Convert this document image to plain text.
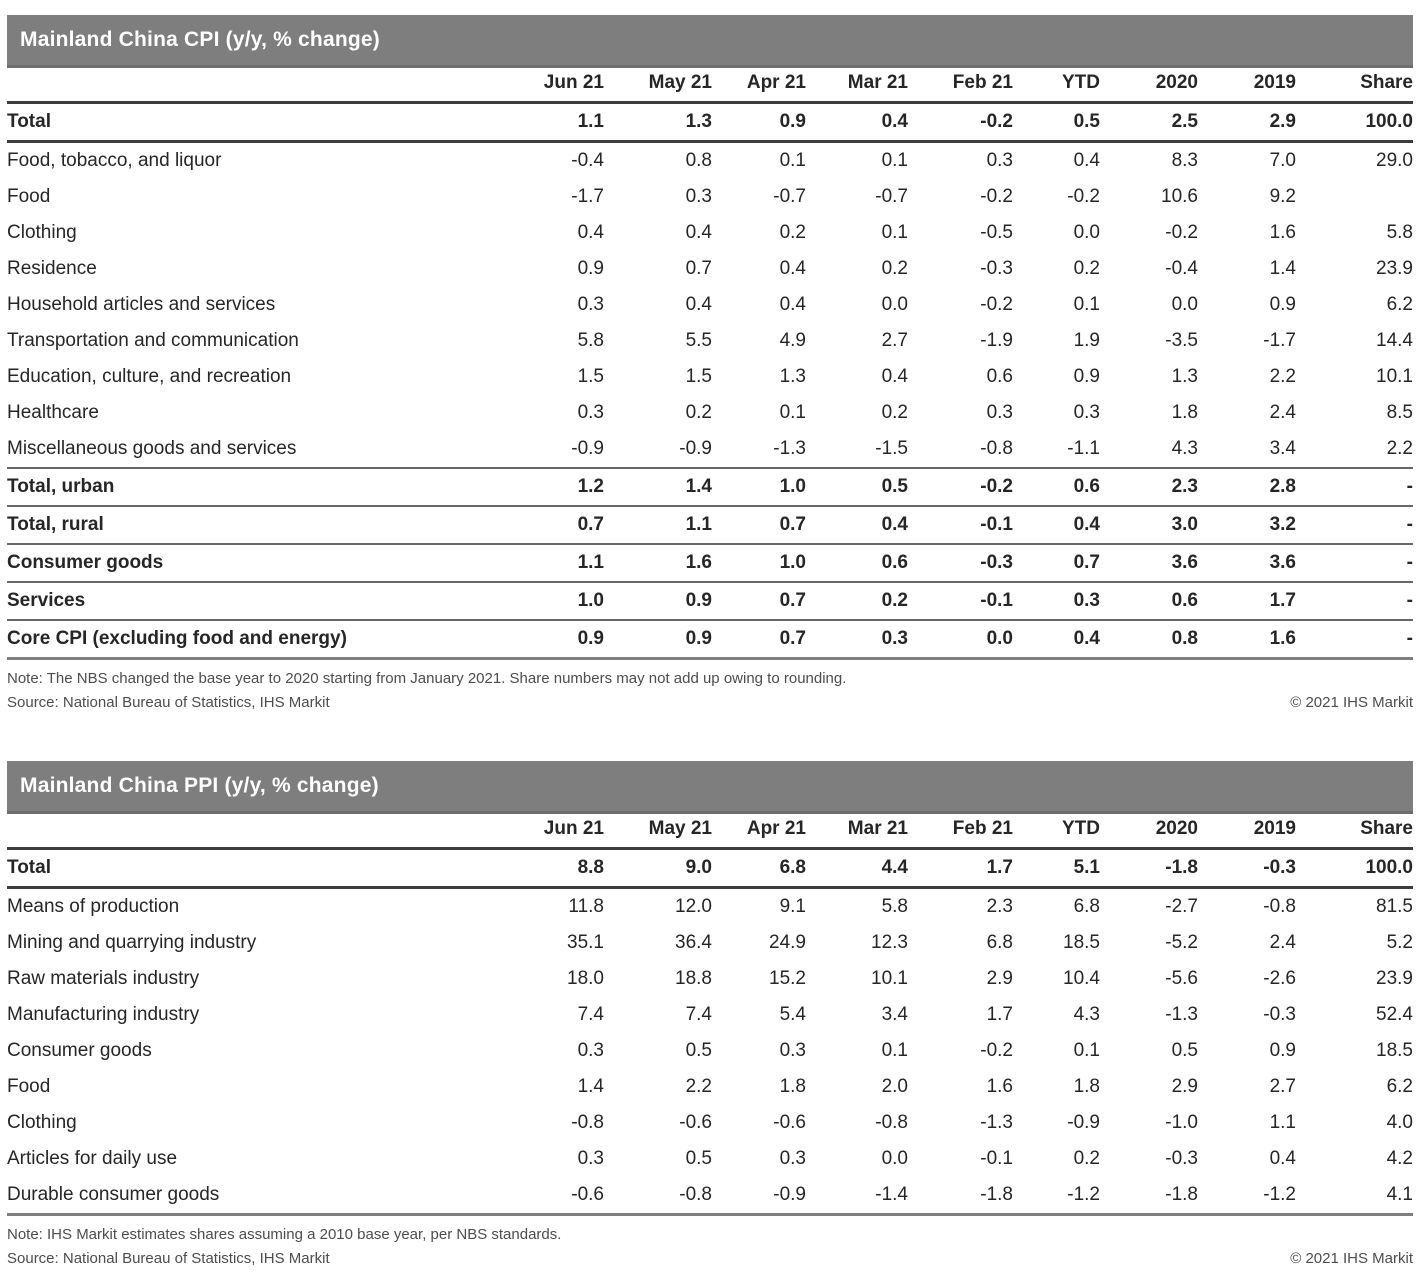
Mainland China CPI (y/y, % change)
	Jun 21	May 21	Apr 21	Mar 21	Feb 21	YTD	2020	2019	Share
Total	1.1	1.3	0.9	0.4	-0.2	0.5	2.5	2.9	100.0
Food, tobacco, and liquor	-0.4	0.8	0.1	0.1	0.3	0.4	8.3	7.0	29.0
Food	-1.7	0.3	-0.7	-0.7	-0.2	-0.2	10.6	9.2	
Clothing	0.4	0.4	0.2	0.1	-0.5	0.0	-0.2	1.6	5.8
Residence	0.9	0.7	0.4	0.2	-0.3	0.2	-0.4	1.4	23.9
Household articles and services	0.3	0.4	0.4	0.0	-0.2	0.1	0.0	0.9	6.2
Transportation and communication	5.8	5.5	4.9	2.7	-1.9	1.9	-3.5	-1.7	14.4
Education, culture, and recreation	1.5	1.5	1.3	0.4	0.6	0.9	1.3	2.2	10.1
Healthcare	0.3	0.2	0.1	0.2	0.3	0.3	1.8	2.4	8.5
Miscellaneous goods and services	-0.9	-0.9	-1.3	-1.5	-0.8	-1.1	4.3	3.4	2.2
Total, urban	1.2	1.4	1.0	0.5	-0.2	0.6	2.3	2.8	-
Total, rural	0.7	1.1	0.7	0.4	-0.1	0.4	3.0	3.2	-
Consumer goods	1.1	1.6	1.0	0.6	-0.3	0.7	3.6	3.6	-
Services	1.0	0.9	0.7	0.2	-0.1	0.3	0.6	1.7	-
Core CPI (excluding food and energy)	0.9	0.9	0.7	0.3	0.0	0.4	0.8	1.6	-
Note: The NBS changed the base year to 2020 starting from January 2021. Share numbers may not add up owing to rounding.
Source: National Bureau of Statistics, IHS Markit	© 2021 IHS Markit
Mainland China PPI (y/y, % change)
	Jun 21	May 21	Apr 21	Mar 21	Feb 21	YTD	2020	2019	Share
Total	8.8	9.0	6.8	4.4	1.7	5.1	-1.8	-0.3	100.0
Means of production	11.8	12.0	9.1	5.8	2.3	6.8	-2.7	-0.8	81.5
Mining and quarrying industry	35.1	36.4	24.9	12.3	6.8	18.5	-5.2	2.4	5.2
Raw materials industry	18.0	18.8	15.2	10.1	2.9	10.4	-5.6	-2.6	23.9
Manufacturing industry	7.4	7.4	5.4	3.4	1.7	4.3	-1.3	-0.3	52.4
Consumer goods	0.3	0.5	0.3	0.1	-0.2	0.1	0.5	0.9	18.5
Food	1.4	2.2	1.8	2.0	1.6	1.8	2.9	2.7	6.2
Clothing	-0.8	-0.6	-0.6	-0.8	-1.3	-0.9	-1.0	1.1	4.0
Articles for daily use	0.3	0.5	0.3	0.0	-0.1	0.2	-0.3	0.4	4.2
Durable consumer goods	-0.6	-0.8	-0.9	-1.4	-1.8	-1.2	-1.8	-1.2	4.1
Note: IHS Markit estimates shares assuming a 2010 base year, per NBS standards.
Source: National Bureau of Statistics, IHS Markit	© 2021 IHS Markit
